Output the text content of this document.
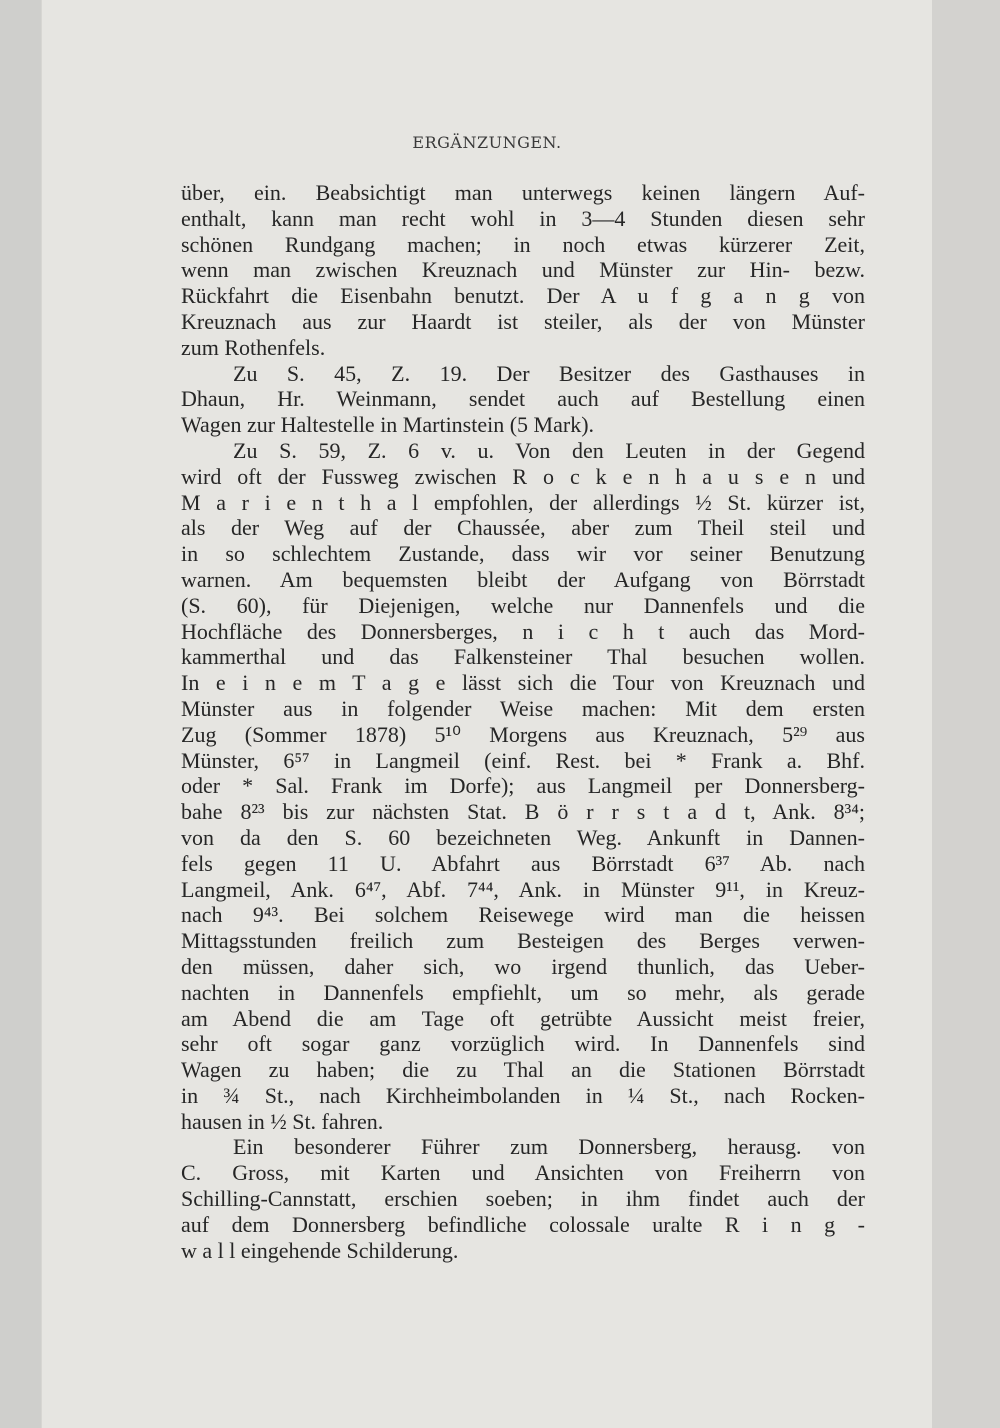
ERGÄNZUNGEN.
über, ein. Beabsichtigt man unterwegs keinen längern Auf-
enthalt, kann man recht wohl in 3—4 Stunden diesen sehr
schönen Rundgang machen; in noch etwas kürzerer Zeit,
wenn man zwischen Kreuznach und Münster zur Hin- bezw.
Rückfahrt die Eisenbahn benutzt. Der A u f g a n g von
Kreuznach aus zur Haardt ist steiler, als der von Münster
zum Rothenfels.
Zu S. 45, Z. 19. Der Besitzer des Gasthauses in
Dhaun, Hr. Weinmann, sendet auch auf Bestellung einen
Wagen zur Haltestelle in Martinstein (5 Mark).
Zu S. 59, Z. 6 v. u. Von den Leuten in der Gegend
wird oft der Fussweg zwischen R o c k e n h a u s e n und
M a r i e n t h a l empfohlen, der allerdings ½ St. kürzer ist,
als der Weg auf der Chaussée, aber zum Theil steil und
in so schlechtem Zustande, dass wir vor seiner Benutzung
warnen. Am bequemsten bleibt der Aufgang von Börrstadt
(S. 60), für Diejenigen, welche nur Dannenfels und die
Hochfläche des Donnersberges, n i c h t auch das Mord-
kammerthal und das Falkensteiner Thal besuchen wollen.
In e i n e m T a g e lässt sich die Tour von Kreuznach und
Münster aus in folgender Weise machen: Mit dem ersten
Zug (Sommer 1878) 5¹⁰ Morgens aus Kreuznach, 5²⁹ aus
Münster, 6⁵⁷ in Langmeil (einf. Rest. bei * Frank a. Bhf.
oder * Sal. Frank im Dorfe); aus Langmeil per Donnersberg-
bahe 8²³ bis zur nächsten Stat. B ö r r s t a d t, Ank. 8³⁴;
von da den S. 60 bezeichneten Weg. Ankunft in Dannen-
fels gegen 11 U. Abfahrt aus Börrstadt 6³⁷ Ab. nach
Langmeil, Ank. 6⁴⁷, Abf. 7⁴⁴, Ank. in Münster 9¹¹, in Kreuz-
nach 9⁴³. Bei solchem Reisewege wird man die heissen
Mittagsstunden freilich zum Besteigen des Berges verwen-
den müssen, daher sich, wo irgend thunlich, das Ueber-
nachten in Dannenfels empfiehlt, um so mehr, als gerade
am Abend die am Tage oft getrübte Aussicht meist freier,
sehr oft sogar ganz vorzüglich wird. In Dannenfels sind
Wagen zu haben; die zu Thal an die Stationen Börrstadt
in ¾ St., nach Kirchheimbolanden in ¼ St., nach Rocken-
hausen in ½ St. fahren.
Ein besonderer Führer zum Donnersberg, herausg. von
C. Gross, mit Karten und Ansichten von Freiherrn von
Schilling-Cannstatt, erschien soeben; in ihm findet auch der
auf dem Donnersberg befindliche colossale uralte R i n g -
w a l l eingehende Schilderung.
